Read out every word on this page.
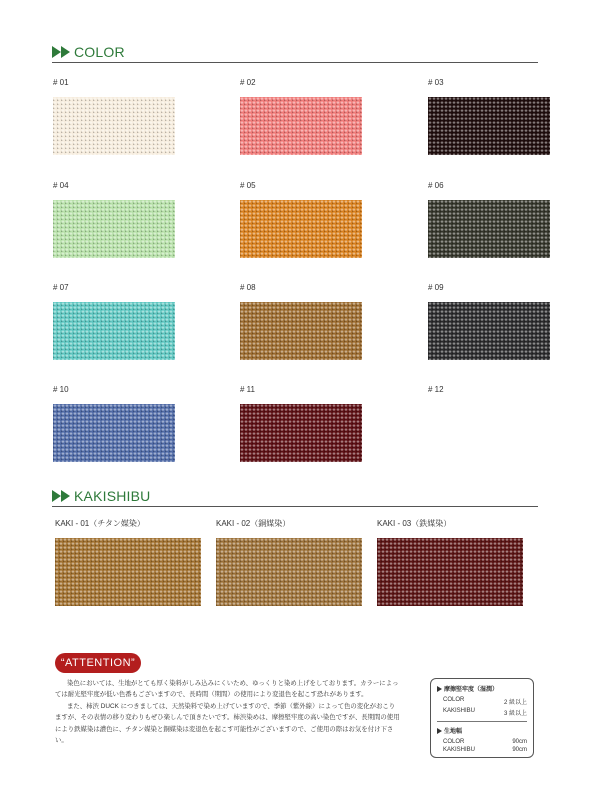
COLOR
# 01	# 02	# 03
# 04	# 05	# 06
# 07	# 08	# 09
# 10	# 11	# 12
KAKISHIBU
KAKI - 01（チタン媒染）	KAKI - 02（銅媒染）	KAKI - 03（鉄媒染）
“ATTENTION”

染色においては、生地がとても厚く染料がしみ込みにくいため、ゆっくりと染め上げをしております。カラーによっては耐光堅牢度が低い色番もございますので、長時間（期間）の使用により変退色を起こす恐れがあります。

また、柿渋 DUCK につきましては、天然染料で染め上げていますので、季節（紫外線）によって色の変化がおこりますが、その表情の移り変わりもぜひ楽しんで頂きたいです。柿渋染めは、摩擦堅牢度の高い染色ですが、長期間の使用により鉄媒染は濃色に、チタン媒染と銅媒染は変退色を起こす可能性がございますので、ご使用の際はお気を付け下さい。

摩擦堅牢度（湿潤）
COLOR	2 級以上
KAKISHIBU	3 級以上
生地幅
COLOR	90cm
KAKISHIBU	90cm
